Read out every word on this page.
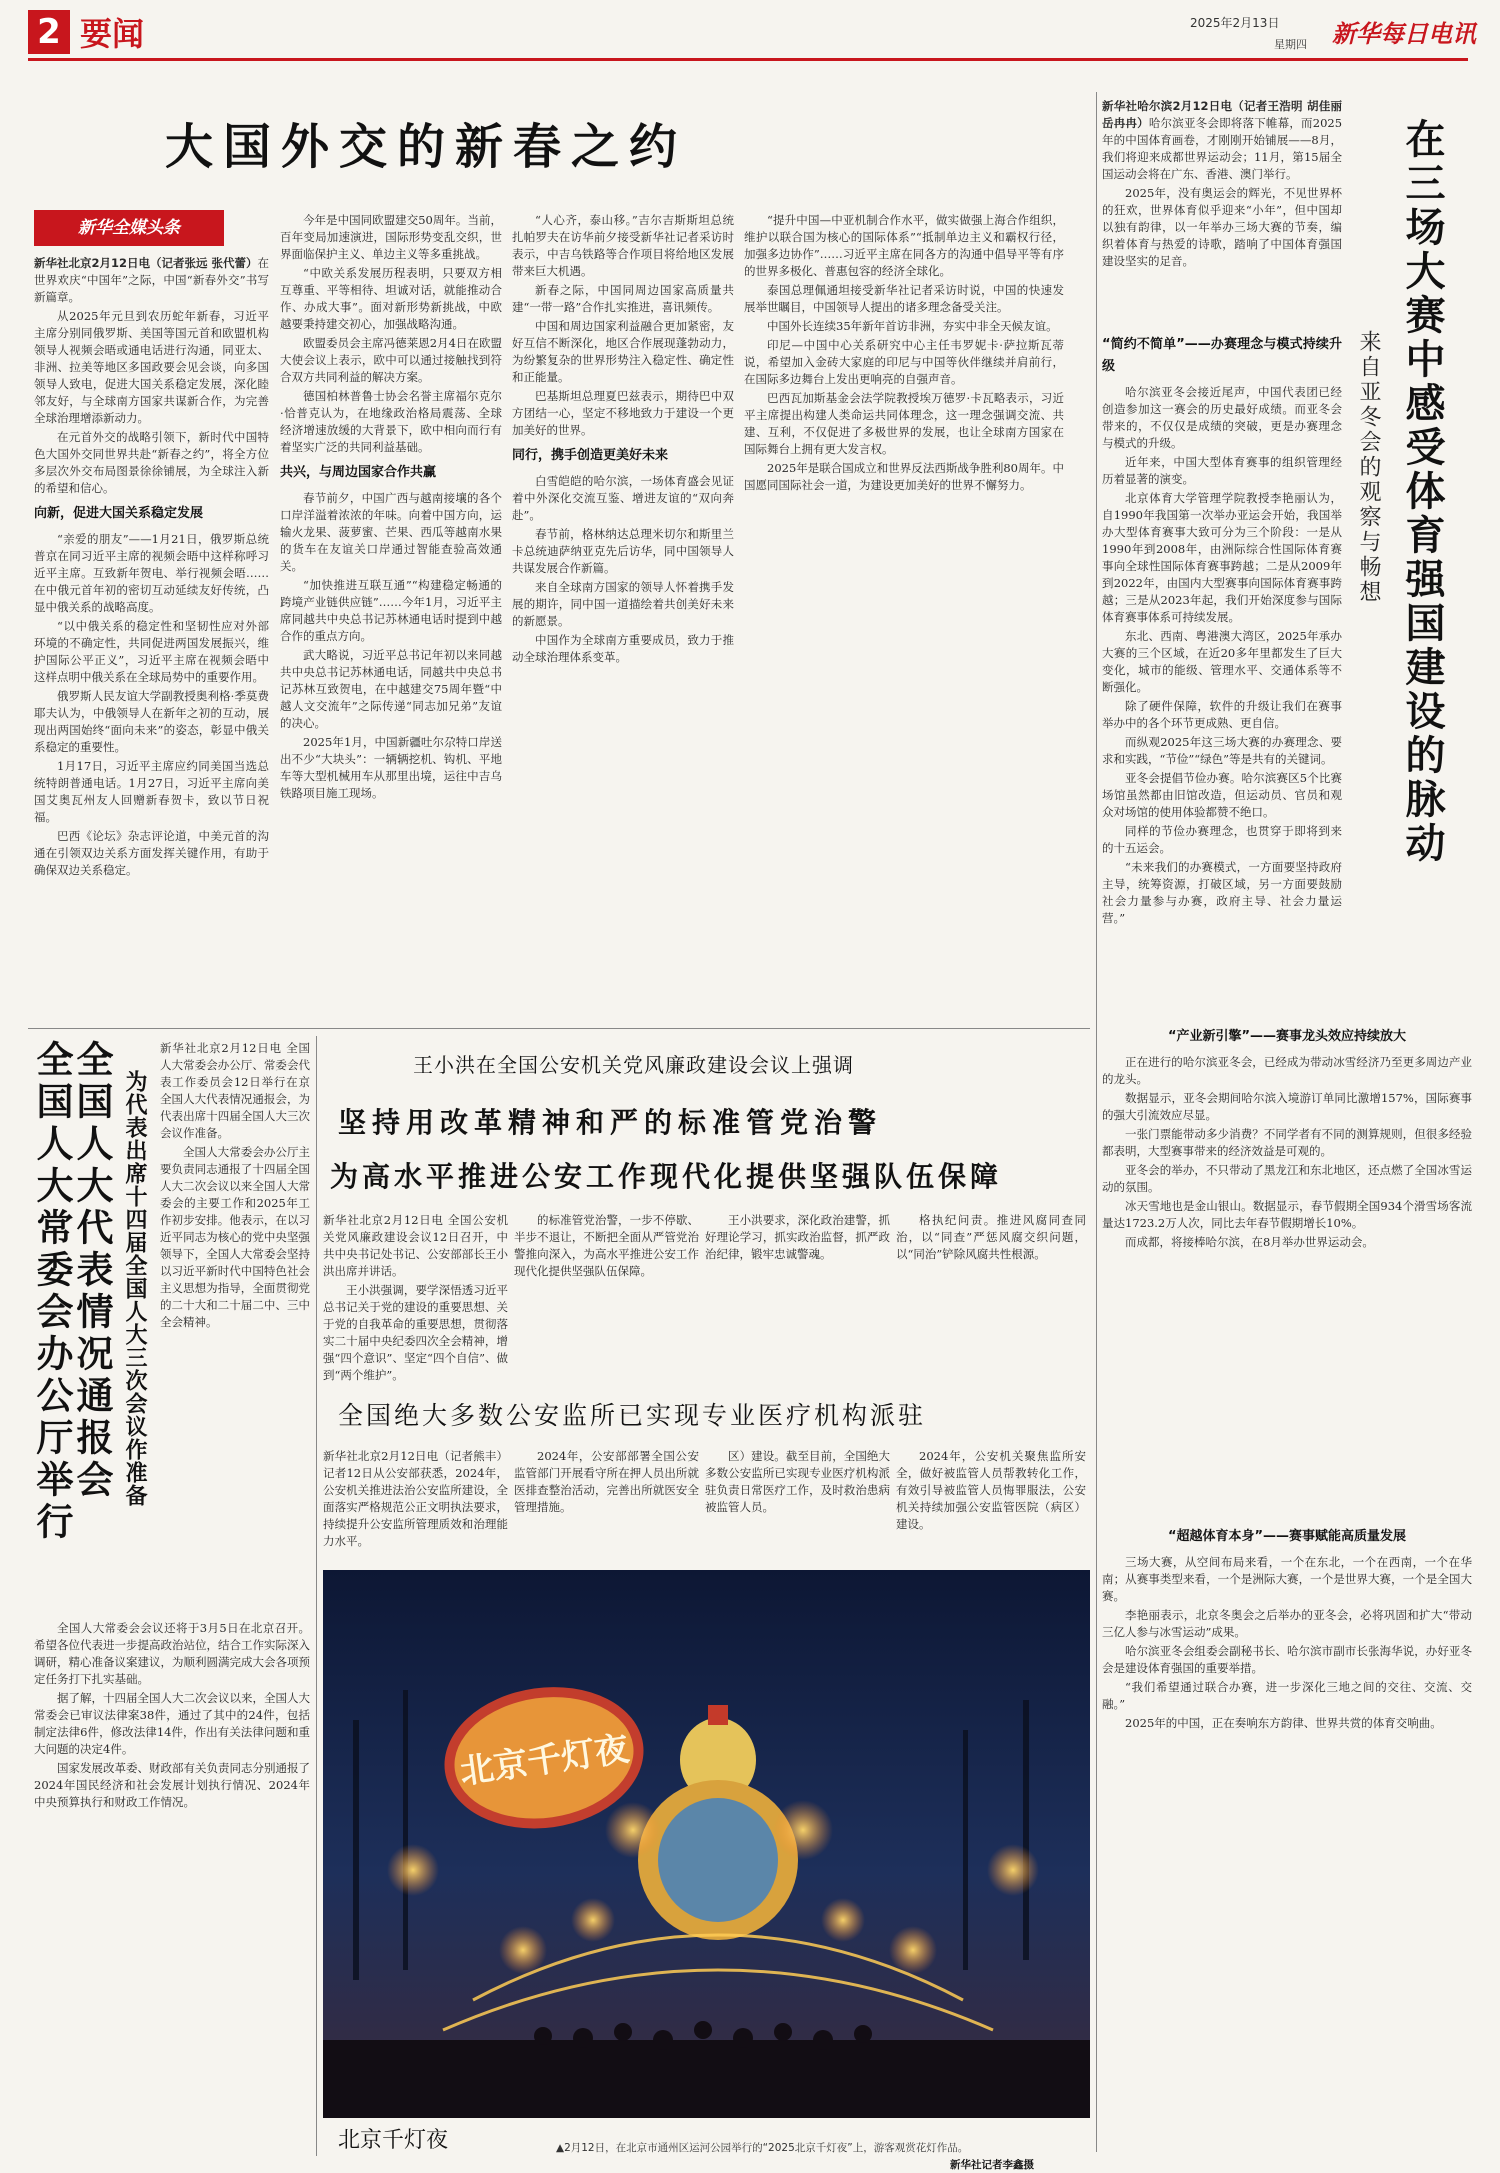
2 要闻	2025年2月13日
星期四 新华每日电讯
大国外交的新春之约
新华全媒头条

新华社北京2月12日电（记者张远 张代蕾）在世界欢庆“中国年”之际，中国“新春外交”书写新篇章。

从2025年元旦到农历蛇年新春，习近平主席分别同俄罗斯、美国等国元首和欧盟机构领导人视频会晤或通电话进行沟通，同亚太、非洲、拉美等地区多国政要会见会谈，向多国领导人致电，促进大国关系稳定发展，深化睦邻友好，与全球南方国家共谋新合作，为完善全球治理增添新动力。

在元首外交的战略引领下，新时代中国特色大国外交同世界共赴“新春之约”，将全方位多层次外交布局图景徐徐铺展，为全球注入新的希望和信心。

向新，促进大国关系稳定发展

“亲爱的朋友”——1月21日，俄罗斯总统普京在同习近平主席的视频会晤中这样称呼习近平主席。互致新年贺电、举行视频会晤……在中俄元首年初的密切互动延续友好传统，凸显中俄关系的战略高度。

“以中俄关系的稳定性和坚韧性应对外部环境的不确定性，共同促进两国发展振兴，维护国际公平正义”，习近平主席在视频会晤中这样点明中俄关系在全球局势中的重要作用。

俄罗斯人民友谊大学副教授奥利格·季莫费耶夫认为，中俄领导人在新年之初的互动，展现出两国始终“面向未来”的姿态，彰显中俄关系稳定的重要性。

1月17日，习近平主席应约同美国当选总统特朗普通电话。1月27日，习近平主席向美国艾奥瓦州友人回赠新春贺卡，致以节日祝福。

巴西《论坛》杂志评论道，中美元首的沟通在引领双边关系方面发挥关键作用，有助于确保双边关系稳定。

今年是中国同欧盟建交50周年。当前，百年变局加速演进，国际形势变乱交织，世界面临保护主义、单边主义等多重挑战。

“中欧关系发展历程表明，只要双方相互尊重、平等相待、坦诚对话，就能推动合作、办成大事”。面对新形势新挑战，中欧越要秉持建交初心，加强战略沟通。

欧盟委员会主席冯德莱恩2月4日在欧盟大使会议上表示，欧中可以通过接触找到符合双方共同利益的解决方案。

德国柏林普鲁士协会名誉主席福尔克尔·恰普克认为，在地缘政治格局震荡、全球经济增速放缓的大背景下，欧中相向而行有着坚实广泛的共同利益基础。

共兴，与周边国家合作共赢

春节前夕，中国广西与越南接壤的各个口岸洋溢着浓浓的年味。向着中国方向，运输火龙果、菠萝蜜、芒果、西瓜等越南水果的货车在友谊关口岸通过智能查验高效通关。

“加快推进互联互通”“构建稳定畅通的跨境产业链供应链”……今年1月，习近平主席同越共中央总书记苏林通电话时提到中越合作的重点方向。

武大略说，习近平总书记年初以来同越共中央总书记苏林通电话，同越共中央总书记苏林互致贺电，在中越建交75周年暨“中越人文交流年”之际传递“同志加兄弟”友谊的决心。

2025年1月，中国新疆吐尔尕特口岸送出不少“大块头”：一辆辆挖机、钩机、平地车等大型机械用车从那里出境，运往中吉乌铁路项目施工现场。

“人心齐，泰山移。”吉尔吉斯斯坦总统扎帕罗夫在访华前夕接受新华社记者采访时表示，中吉乌铁路等合作项目将给地区发展带来巨大机遇。

新春之际，中国同周边国家高质量共建“一带一路”合作扎实推进，喜讯频传。

中国和周边国家利益融合更加紧密，友好互信不断深化，地区合作展现蓬勃动力，为纷繁复杂的世界形势注入稳定性、确定性和正能量。

巴基斯坦总理夏巴兹表示，期待巴中双方团结一心，坚定不移地致力于建设一个更加美好的世界。

同行，携手创造更美好未来

白雪皑皑的哈尔滨，一场体育盛会见证着中外深化交流互鉴、增进友谊的“双向奔赴”。

春节前，格林纳达总理米切尔和斯里兰卡总统迪萨纳亚克先后访华，同中国领导人共谋发展合作新篇。

来自全球南方国家的领导人怀着携手发展的期许，同中国一道描绘着共创美好未来的新愿景。

中国作为全球南方重要成员，致力于推动全球治理体系变革。

“提升中国—中亚机制合作水平，做实做强上海合作组织，维护以联合国为核心的国际体系”“抵制单边主义和霸权行径，加强多边协作”……习近平主席在同各方的沟通中倡导平等有序的世界多极化、普惠包容的经济全球化。

泰国总理佩通坦接受新华社记者采访时说，中国的快速发展举世瞩目，中国领导人提出的诸多理念备受关注。

中国外长连续35年新年首访非洲，夯实中非全天候友谊。

印尼—中国中心关系研究中心主任韦罗妮卡·萨拉斯瓦蒂说，希望加入金砖大家庭的印尼与中国等伙伴继续并肩前行，在国际多边舞台上发出更响亮的自强声音。

巴西瓦加斯基金会法学院教授埃万德罗·卡瓦略表示，习近平主席提出构建人类命运共同体理念，这一理念强调交流、共建、互利，不仅促进了多极世界的发展，也让全球南方国家在国际舞台上拥有更大发言权。

2025年是联合国成立和世界反法西斯战争胜利80周年。中国愿同国际社会一道，为建设更加美好的世界不懈努力。	在三场大赛中感受体育强国建设的脉动
来自亚冬会的观察与畅想

新华社哈尔滨2月12日电（记者王浩明 胡佳丽 岳冉冉）哈尔滨亚冬会即将落下帷幕，而2025年的中国体育画卷，才刚刚开始铺展——8月，我们将迎来成都世界运动会；11月，第15届全国运动会将在广东、香港、澳门举行。

2025年，没有奥运会的辉光，不见世界杯的狂欢，世界体育似乎迎来“小年”，但中国却以独有韵律，以一年举办三场大赛的节奏，编织着体育与热爱的诗歌，踏响了中国体育强国建设坚实的足音。

“简约不简单”——办赛理念与模式持续升级

哈尔滨亚冬会接近尾声，中国代表团已经创造参加这一赛会的历史最好成绩。而亚冬会带来的，不仅仅是成绩的突破，更是办赛理念与模式的升级。

近年来，中国大型体育赛事的组织管理经历着显著的演变。

北京体育大学管理学院教授李艳丽认为，自1990年我国第一次举办亚运会开始，我国举办大型体育赛事大致可分为三个阶段：一是从1990年到2008年，由洲际综合性国际体育赛事向全球性国际体育赛事跨越；二是从2009年到2022年，由国内大型赛事向国际体育赛事跨越；三是从2023年起，我们开始深度参与国际体育赛事体系可持续发展。

东北、西南、粤港澳大湾区，2025年承办大赛的三个区域，在近20多年里都发生了巨大变化，城市的能级、管理水平、交通体系等不断强化。

除了硬件保障，软件的升级让我们在赛事举办中的各个环节更成熟、更自信。

而纵观2025年这三场大赛的办赛理念、要求和实践，“节俭”“绿色”等是共有的关键词。

亚冬会提倡节俭办赛。哈尔滨赛区5个比赛场馆虽然都由旧馆改造，但运动员、官员和观众对场馆的使用体验都赞不绝口。

同样的节俭办赛理念，也贯穿于即将到来的十五运会。

“未来我们的办赛模式，一方面要坚持政府主导，统筹资源，打破区域，另一方面要鼓励社会力量参与办赛，政府主导、社会力量运营。”

“产业新引擎”——赛事龙头效应持续放大

正在进行的哈尔滨亚冬会，已经成为带动冰雪经济乃至更多周边产业的龙头。

数据显示，亚冬会期间哈尔滨入境游订单同比激增157%，国际赛事的强大引流效应尽显。

一张门票能带动多少消费？不同学者有不同的测算规则，但很多经验都表明，大型赛事带来的经济效益是可观的。

亚冬会的举办，不只带动了黑龙江和东北地区，还点燃了全国冰雪运动的氛围。

冰天雪地也是金山银山。数据显示，春节假期全国934个滑雪场客流量达1723.2万人次，同比去年春节假期增长10%。

而成都，将接棒哈尔滨，在8月举办世界运动会。

“超越体育本身”——赛事赋能高质量发展

三场大赛，从空间布局来看，一个在东北，一个在西南，一个在华南；从赛事类型来看，一个是洲际大赛，一个是世界大赛，一个是全国大赛。

李艳丽表示，北京冬奥会之后举办的亚冬会，必将巩固和扩大“带动三亿人参与冰雪运动”成果。

哈尔滨亚冬会组委会副秘书长、哈尔滨市副市长张海华说，办好亚冬会是建设体育强国的重要举措。

“我们希望通过联合办赛，进一步深化三地之间的交往、交流、交融。”

2025年的中国，正在奏响东方韵律、世界共赏的体育交响曲。

全国人大常委会办公厅举行
全国人大代表情况通报会 为代表出席十四届全国人大三次会议作准备

新华社北京2月12日电 全国人大常委会办公厅、常委会代表工作委员会12日举行在京全国人大代表情况通报会，为代表出席十四届全国人大三次会议作准备。

全国人大常委会办公厅主要负责同志通报了十四届全国人大二次会议以来全国人大常委会的主要工作和2025年工作初步安排。他表示，在以习近平同志为核心的党中央坚强领导下，全国人大常委会坚持以习近平新时代中国特色社会主义思想为指导，全面贯彻党的二十大和二十届二中、三中全会精神。

全国人大常委会会议还将于3月5日在北京召开。希望各位代表进一步提高政治站位，结合工作实际深入调研，精心准备议案建议，为顺利圆满完成大会各项预定任务打下扎实基础。

据了解，十四届全国人大二次会议以来，全国人大常委会已审议法律案38件，通过了其中的24件，包括制定法律6件，修改法律14件，作出有关法律问题和重大问题的决定4件。

国家发展改革委、财政部有关负责同志分别通报了2024年国民经济和社会发展计划执行情况、2024年中央预算执行和财政工作情况。

王小洪在全国公安机关党风廉政建设会议上强调
坚持用改革精神和严的标准管党治警
为高水平推进公安工作现代化提供坚强队伍保障

新华社北京2月12日电 全国公安机关党风廉政建设会议12日召开，中共中央书记处书记、公安部部长王小洪出席并讲话。

王小洪强调，要学深悟透习近平总书记关于党的建设的重要思想、关于党的自我革命的重要思想，贯彻落实二十届中央纪委四次全会精神，增强“四个意识”、坚定“四个自信”、做到“两个维护”。

的标准管党治警，一步不停歇、半步不退让，不断把全面从严管党治警推向深入，为高水平推进公安工作现代化提供坚强队伍保障。

王小洪要求，深化政治建警，抓好理论学习，抓实政治监督，抓严政治纪律，锻牢忠诚警魂。

格执纪问责。推进风腐同查同治，以“同查”严惩风腐交织问题，以“同治”铲除风腐共性根源。

全国绝大多数公安监所已实现专业医疗机构派驻

新华社北京2月12日电（记者熊丰）记者12日从公安部获悉，2024年，公安机关推进法治公安监所建设，全面落实严格规范公正文明执法要求，持续提升公安监所管理质效和治理能力水平。

2024年，公安部部署全国公安监管部门开展看守所在押人员出所就医排查整治活动，完善出所就医安全管理措施。

区）建设。截至目前，全国绝大多数公安监所已实现专业医疗机构派驻负责日常医疗工作，及时救治患病被监管人员。

2024年，公安机关聚焦监所安全，做好被监管人员帮教转化工作，有效引导被监管人员悔罪服法，公安机关持续加强公安监管医院（病区）建设。

北京千灯夜
北京千灯夜	▲2月12日，在北京市通州区运河公园举行的“2025北京千灯夜”上，游客观赏花灯作品。
新华社记者李鑫摄
